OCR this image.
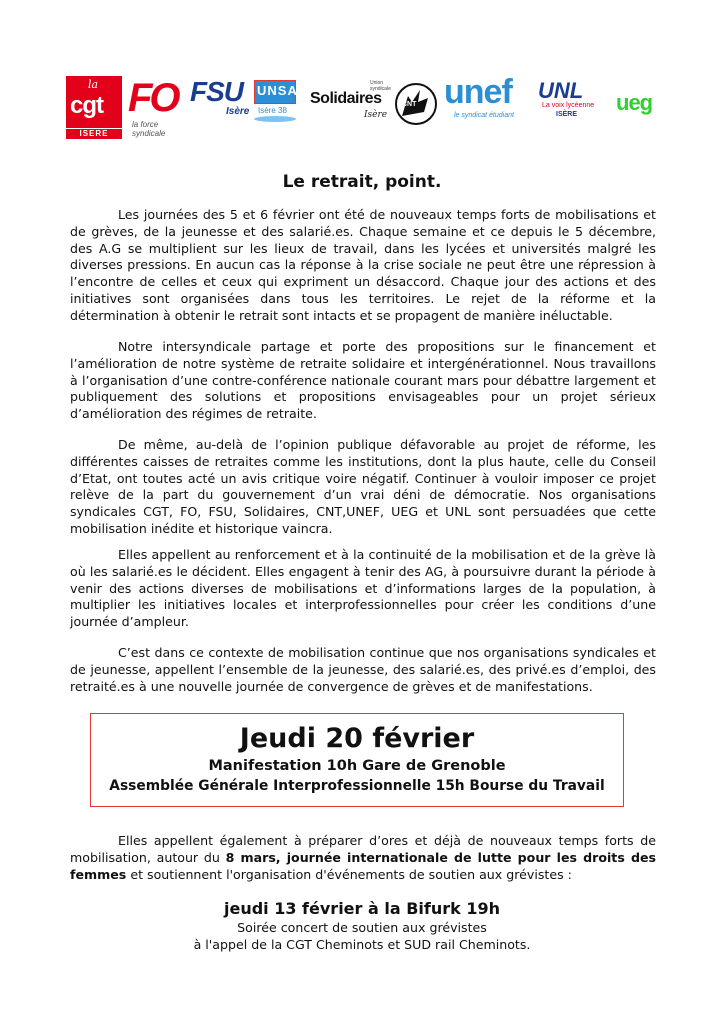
la
cgt
ISERE
FO
la force syndicale
FSU
Isère
UNSA
Isère 38
Union syndicale
Solidaires
Isère
CNT unef
le syndicat étudiant
UNL
La voix lycéenne
ISÈRE ueg
Le retrait, point.

Les journées des 5 et 6 février ont été de nouveaux temps forts de mobilisations et de grèves, de la jeunesse et des salarié.es. Chaque semaine et ce depuis le 5 décembre, des A.G se multiplient sur les lieux de travail, dans les lycées et universités malgré les diverses pressions. En aucun cas la réponse à la crise sociale ne peut être une répression à l’encontre de celles et ceux qui expriment un désaccord. Chaque jour des actions et des initiatives sont organisées dans tous les territoires. Le rejet de la réforme et la détermination à obtenir le retrait sont intacts et se propagent de manière inéluctable.

Notre intersyndicale partage et porte des propositions sur le financement et l’amélioration de notre système de retraite solidaire et intergénérationnel. Nous travaillons à l’organisation d’une contre-conférence nationale courant mars pour débattre largement et publiquement des solutions et propositions envisageables pour un projet sérieux d’amélioration des régimes de retraite.

De même, au-delà de l’opinion publique défavorable au projet de réforme, les différentes caisses de retraites comme les institutions, dont la plus haute, celle du Conseil d’Etat, ont toutes acté un avis critique voire négatif. Continuer à vouloir imposer ce projet relève de la part du gouvernement d’un vrai déni de démocratie. Nos organisations syndicales CGT, FO, FSU, Solidaires, CNT,UNEF, UEG et UNL sont persuadées que cette mobilisation inédite et historique vaincra.

Elles appellent au renforcement et à la continuité de la mobilisation et de la grève là où les salarié.es le décident. Elles engagent à tenir des AG, à poursuivre durant la période à venir des actions diverses de mobilisations et d’informations larges de la population, à multiplier les initiatives locales et interprofessionnelles pour créer les conditions d’une journée d’ampleur.

C’est dans ce contexte de mobilisation continue que nos organisations syndicales et de jeunesse, appellent l’ensemble de la jeunesse, des salarié.es, des privé.es d’emploi, des retraité.es à une nouvelle journée de convergence de grèves et de manifestations.

Jeudi 20 février
Manifestation 10h Gare de Grenoble
Assemblée Générale Interprofessionnelle 15h Bourse du Travail

Elles appellent également à préparer d’ores et déjà de nouveaux temps forts de mobilisation, autour du 8 mars, journée internationale de lutte pour les droits des femmes et soutiennent l'organisation d'événements de soutien aux grévistes :

jeudi 13 février à la Bifurk 19h
Soirée concert de soutien aux grévistes
à l'appel de la CGT Cheminots et SUD rail Cheminots.
